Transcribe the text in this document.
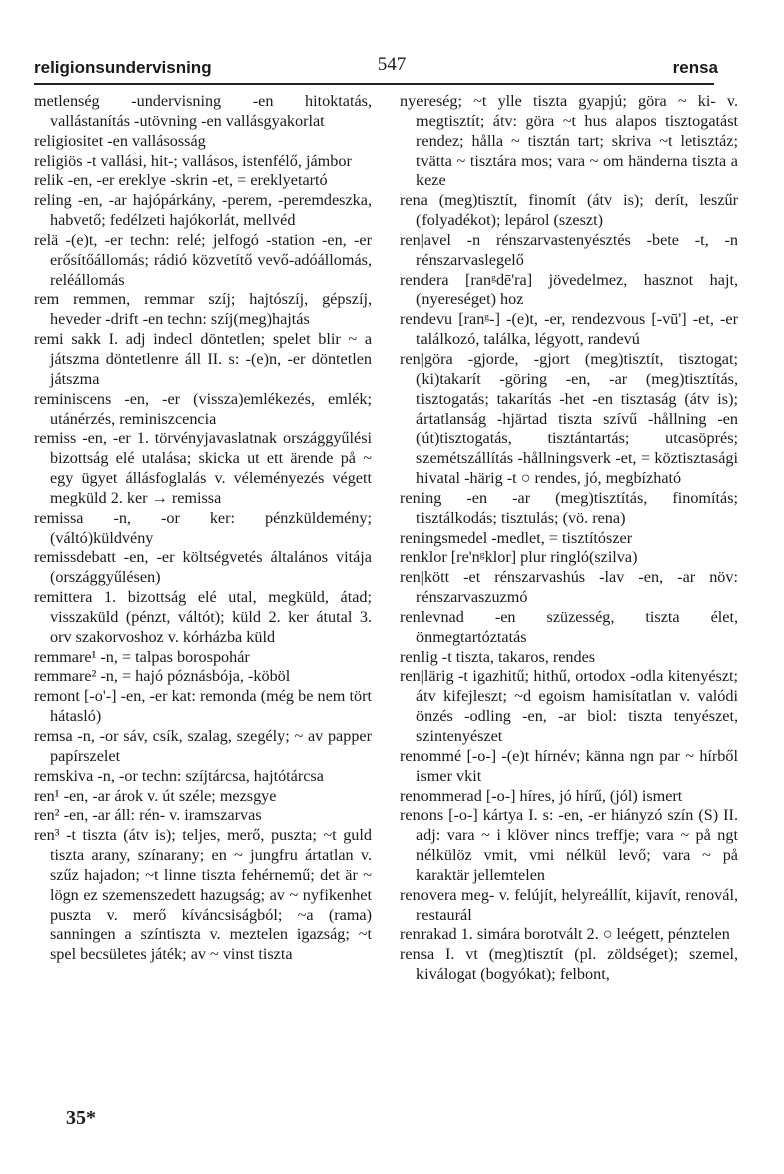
religionsundervisning	547	rensa

metlenség -undervisning -en hitoktatás, vallástanítás -utövning -en vallásgyakorlat

religiositet -en vallásosság

religiös -t vallási, hit-; vallásos, istenfélő, jámbor

relik -en, -er ereklye -skrin -et, = ereklyetartó

reling -en, -ar hajópárkány, -perem, -peremdeszka, habvető; fedélzeti hajókorlát, mellvéd

relä -(e)t, -er techn: relé; jelfogó -station -en, -er erősítőállomás; rádió közvetítő vevő-adóállomás, reléállomás

rem remmen, remmar szíj; hajtószíj, gépszíj, heveder -drift -en techn: szíj(meg)hajtás

remi sakk I. adj indecl döntetlen; spelet blir ~ a játszma döntetlenre áll II. s: -(e)n, -er döntetlen játszma

reminiscens -en, -er (vissza)emlékezés, emlék; utánérzés, reminiszcencia

remiss -en, -er 1. törvényjavaslatnak országgyűlési bizottság elé utalása; skicka ut ett ärende på ~ egy ügyet állásfoglalás v. véleményezés végett megküld 2. ker → remissa

remissa -n, -or ker: pénzküldemény; (váltó)küldvény

remissdebatt -en, -er költségvetés általános vitája (országgyűlésen)

remittera 1. bizottság elé utal, megküld, átad; visszaküld (pénzt, váltót); küld 2. ker átutal 3. orv szakorvoshoz v. kórházba küld

remmare¹ -n, = talpas borospohár

remmare² -n, = hajó póznásbója, -köböl

remont [-o'-] -en, -er kat: remonda (még be nem tört hátasló)

remsa -n, -or sáv, csík, szalag, szegély; ~ av papper papírszelet

remskiva -n, -or techn: szíjtárcsa, hajtótárcsa

ren¹ -en, -ar árok v. út széle; mezsgye

ren² -en, -ar áll: rén- v. iramszarvas

ren³ -t tiszta (átv is); teljes, merő, puszta; ~t guld tiszta arany, színarany; en ~ jungfru ártatlan v. szűz hajadon; ~t linne tiszta fehérnemű; det är ~ lögn ez szemenszedett hazugság; av ~ nyfikenhet puszta v. merő kíváncsiságból; ~a (rama) sanningen a színtiszta v. meztelen igazság; ~t spel becsületes játék; av ~ vinst tiszta

nyereség; ~t ylle tiszta gyapjú; göra ~ ki- v. megtisztít; átv: göra ~t hus alapos tisztogatást rendez; hålla ~ tisztán tart; skriva ~t letisztáz; tvätta ~ tisztára mos; vara ~ om händerna tiszta a keze

rena (meg)tisztít, finomít (átv is); derít, leszűr (folyadékot); lepárol (szeszt)

ren|avel -n rénszarvastenyésztés -bete -t, -n rénszarvaslegelő

rendera [ranᵍdē'ra] jövedelmez, hasznot hajt, (nyereséget) hoz

rendevu [ranᵍ-] -(e)t, -er, rendezvous [-vū'] -et, -er találkozó, találka, légyott, randevú

ren|göra -gjorde, -gjort (meg)tisztít, tisztogat; (ki)takarít -göring -en, -ar (meg)tisztítás, tisztogatás; takarítás -het -en tisztaság (átv is); ártatlanság -hjärtad tiszta szívű -hållning -en (út)tisztogatás, tisztántartás; utcasöprés; szemétszállítás -hållningsverk -et, = köztisztasági hivatal -härig -t ○ rendes, jó, megbízható

rening -en -ar (meg)tisztítás, finomítás; tisztálkodás; tisztulás; (vö. rena)

reningsmedel -medlet, = tisztítószer

renklor [re'nᵍklor] plur ringló(szilva)

ren|kött -et rénszarvashús -lav -en, -ar növ: rénszarvaszuzmó

renlevnad -en szüzesség, tiszta élet, önmegtartóztatás

renlig -t tiszta, takaros, rendes

ren|lärig -t igazhitű; hithű, ortodox -odla kitenyészt; átv kifejleszt; ~d egoism hamisítatlan v. valódi önzés -odling -en, -ar biol: tiszta tenyészet, szintenyészet

renommé [-o-] -(e)t hírnév; känna ngn par ~ hírből ismer vkit

renommerad [-o-] híres, jó hírű, (jól) ismert

renons [-o-] kártya I. s: -en, -er hiányzó szín (S) II. adj: vara ~ i klöver nincs treffje; vara ~ på ngt nélkülöz vmit, vmi nélkül levő; vara ~ på karaktär jellemtelen

renovera meg- v. felújít, helyreállít, kijavít, renovál, restaurál

renrakad 1. simára borotvált 2. ○ leégett, pénztelen

rensa I. vt (meg)tisztít (pl. zöldséget); szemel, kiválogat (bogyókat); felbont,

35*
